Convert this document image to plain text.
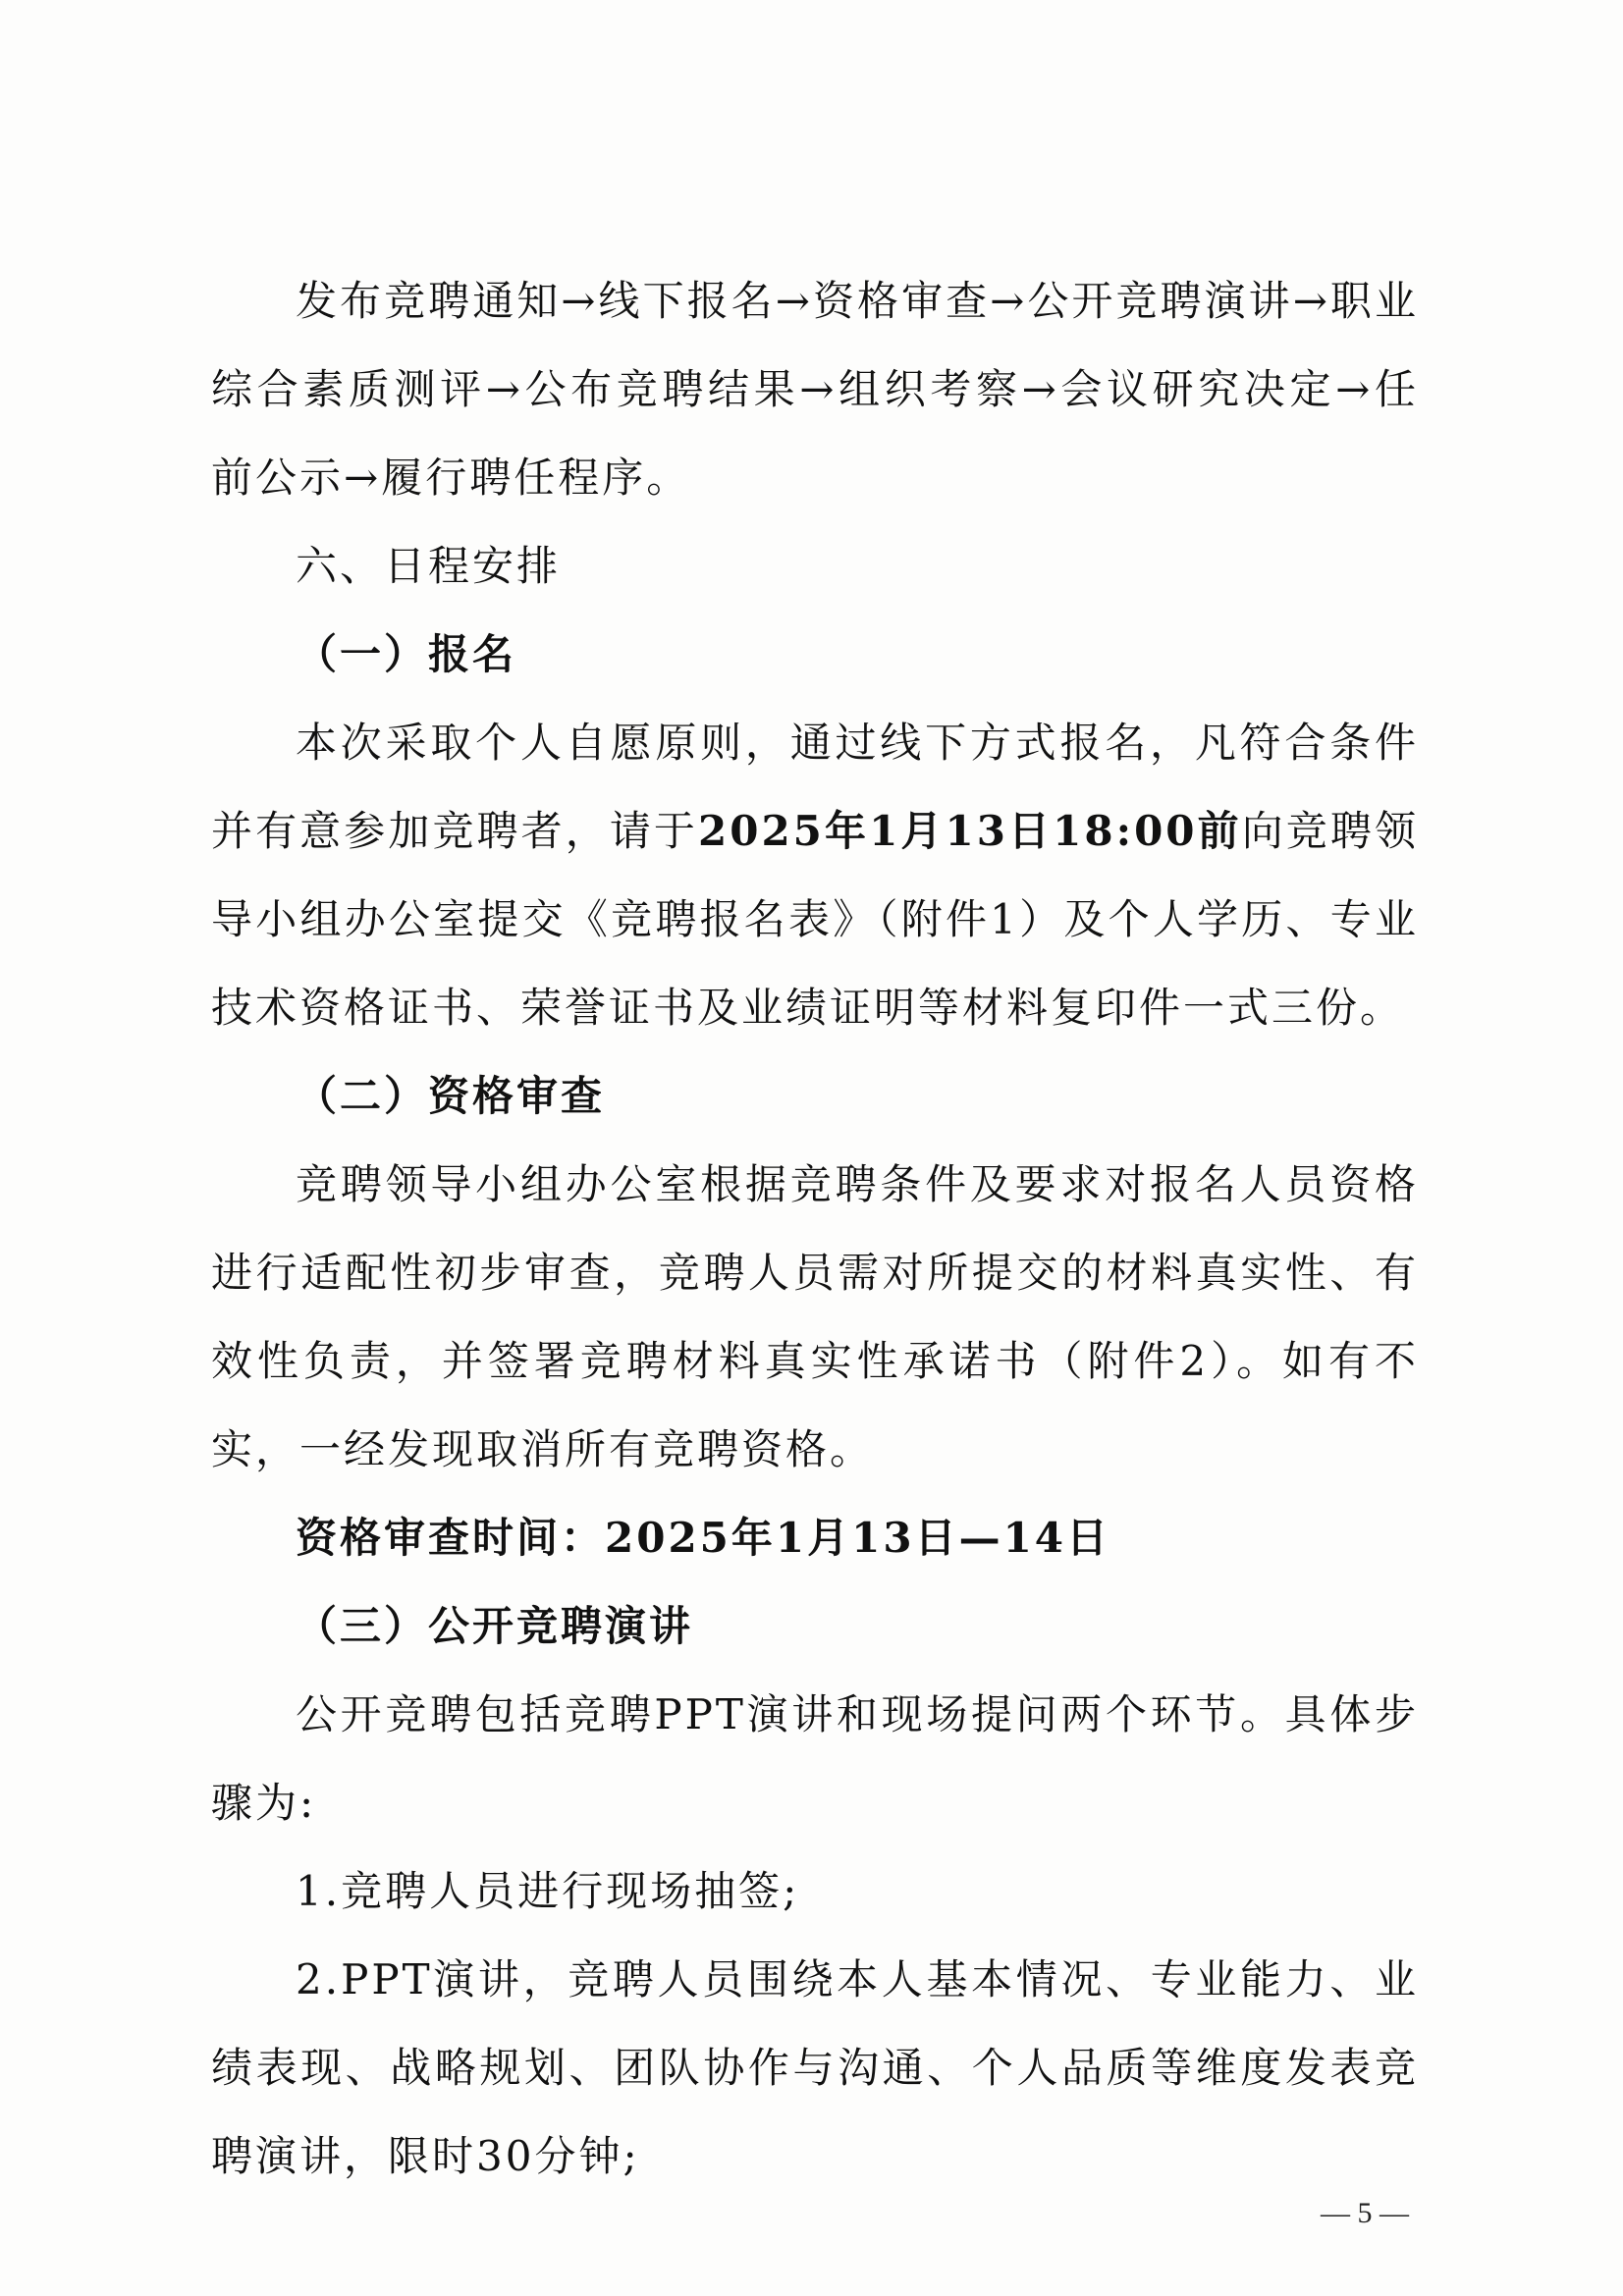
发布竞聘通知→线下报名→资格审查→公开竞聘演讲→职业综合素质测评→公布竞聘结果→组织考察→会议研究决定→任前公示→履行聘任程序。

六、日程安排

（一）报名

本次采取个人自愿原则，通过线下方式报名，凡符合条件并有意参加竞聘者，请于2025年1月13日18:00前向竞聘领导小组办公室提交《竞聘报名表》（附件1）及个人学历、专业技术资格证书、荣誉证书及业绩证明等材料复印件一式三份。

（二）资格审查

竞聘领导小组办公室根据竞聘条件及要求对报名人员资格进行适配性初步审查，竞聘人员需对所提交的材料真实性、有效性负责，并签署竞聘材料真实性承诺书（附件2）。如有不实，一经发现取消所有竞聘资格。

资格审查时间：2025年1月13日—14日

（三）公开竞聘演讲

公开竞聘包括竞聘PPT演讲和现场提问两个环节。具体步骤为:

1.竞聘人员进行现场抽签;

2.PPT演讲，竞聘人员围绕本人基本情况、专业能力、业绩表现、战略规划、团队协作与沟通、个人品质等维度发表竞聘演讲，限时30分钟;

— 5 —
